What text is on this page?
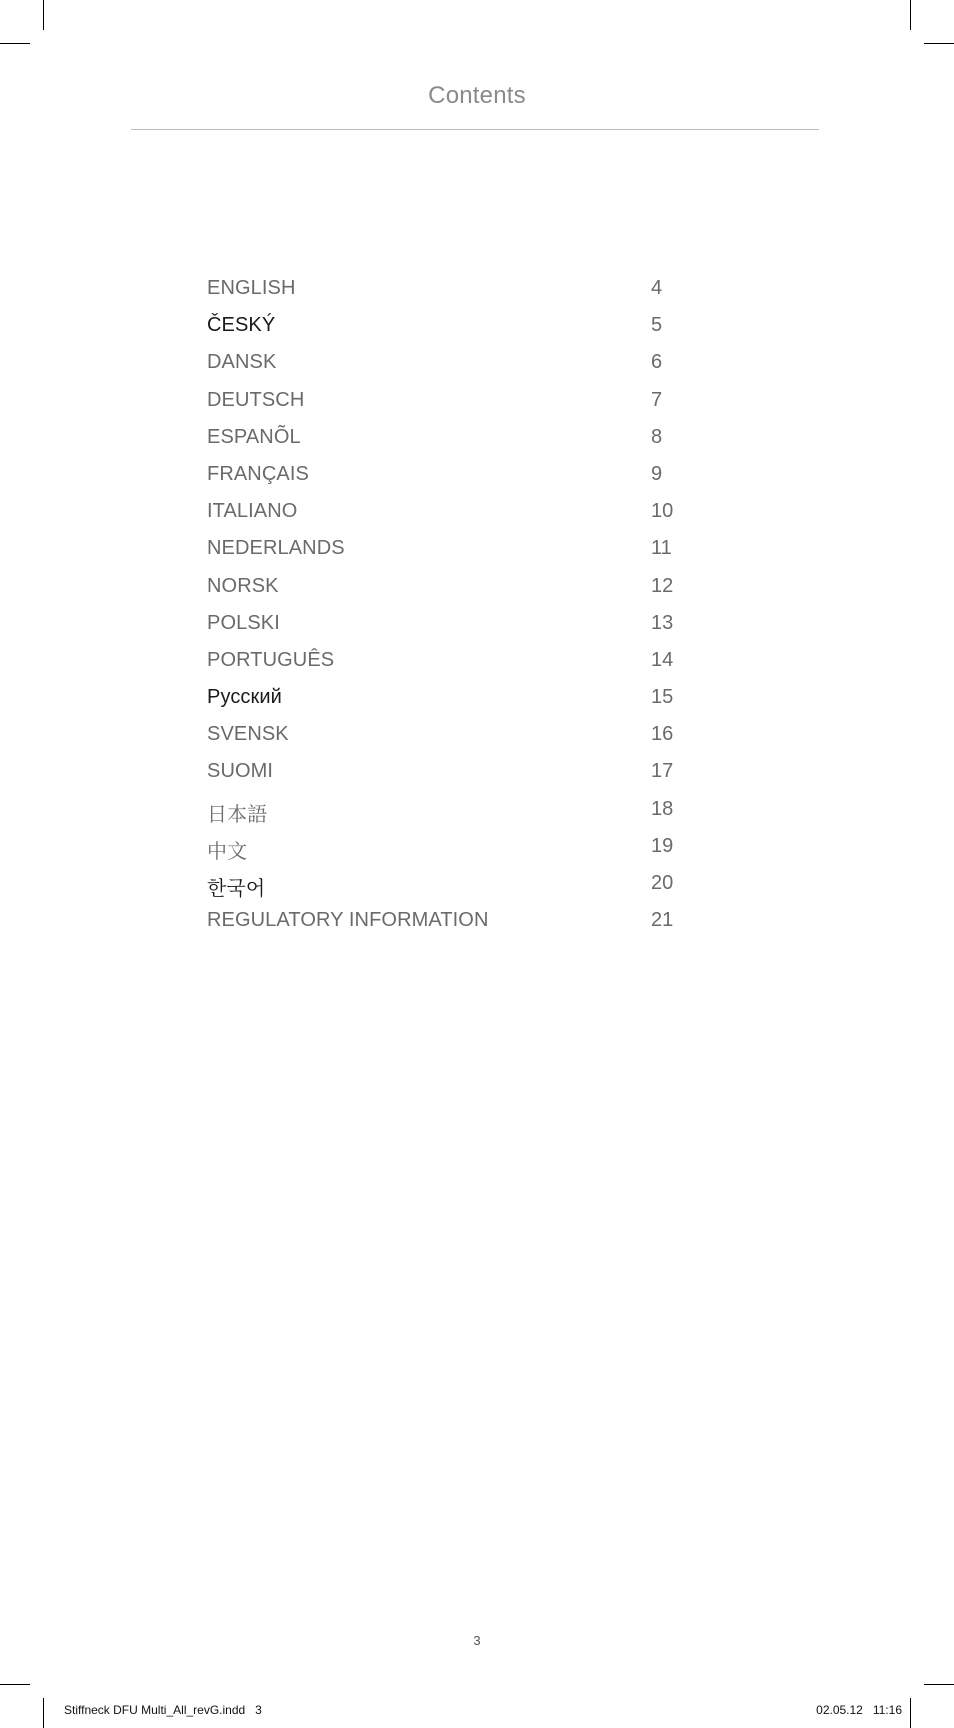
Contents
ENGLISH	4
ČESKÝ	5
DANSK	6
DEUTSCH	7
ESPANÕL	8
FRANÇAIS	9
ITALIANO	10
NEDERLANDS	11
NORSK	12
POLSKI	13
PORTUGUÊS	14
Русский	15
SVENSK	16
SUOMI	17
日本語	18
中文	19
한국어	20
REGULATORY INFORMATION	21
3
Stiffneck DFU Multi_All_revG.indd   3	02.05.12   11:16
